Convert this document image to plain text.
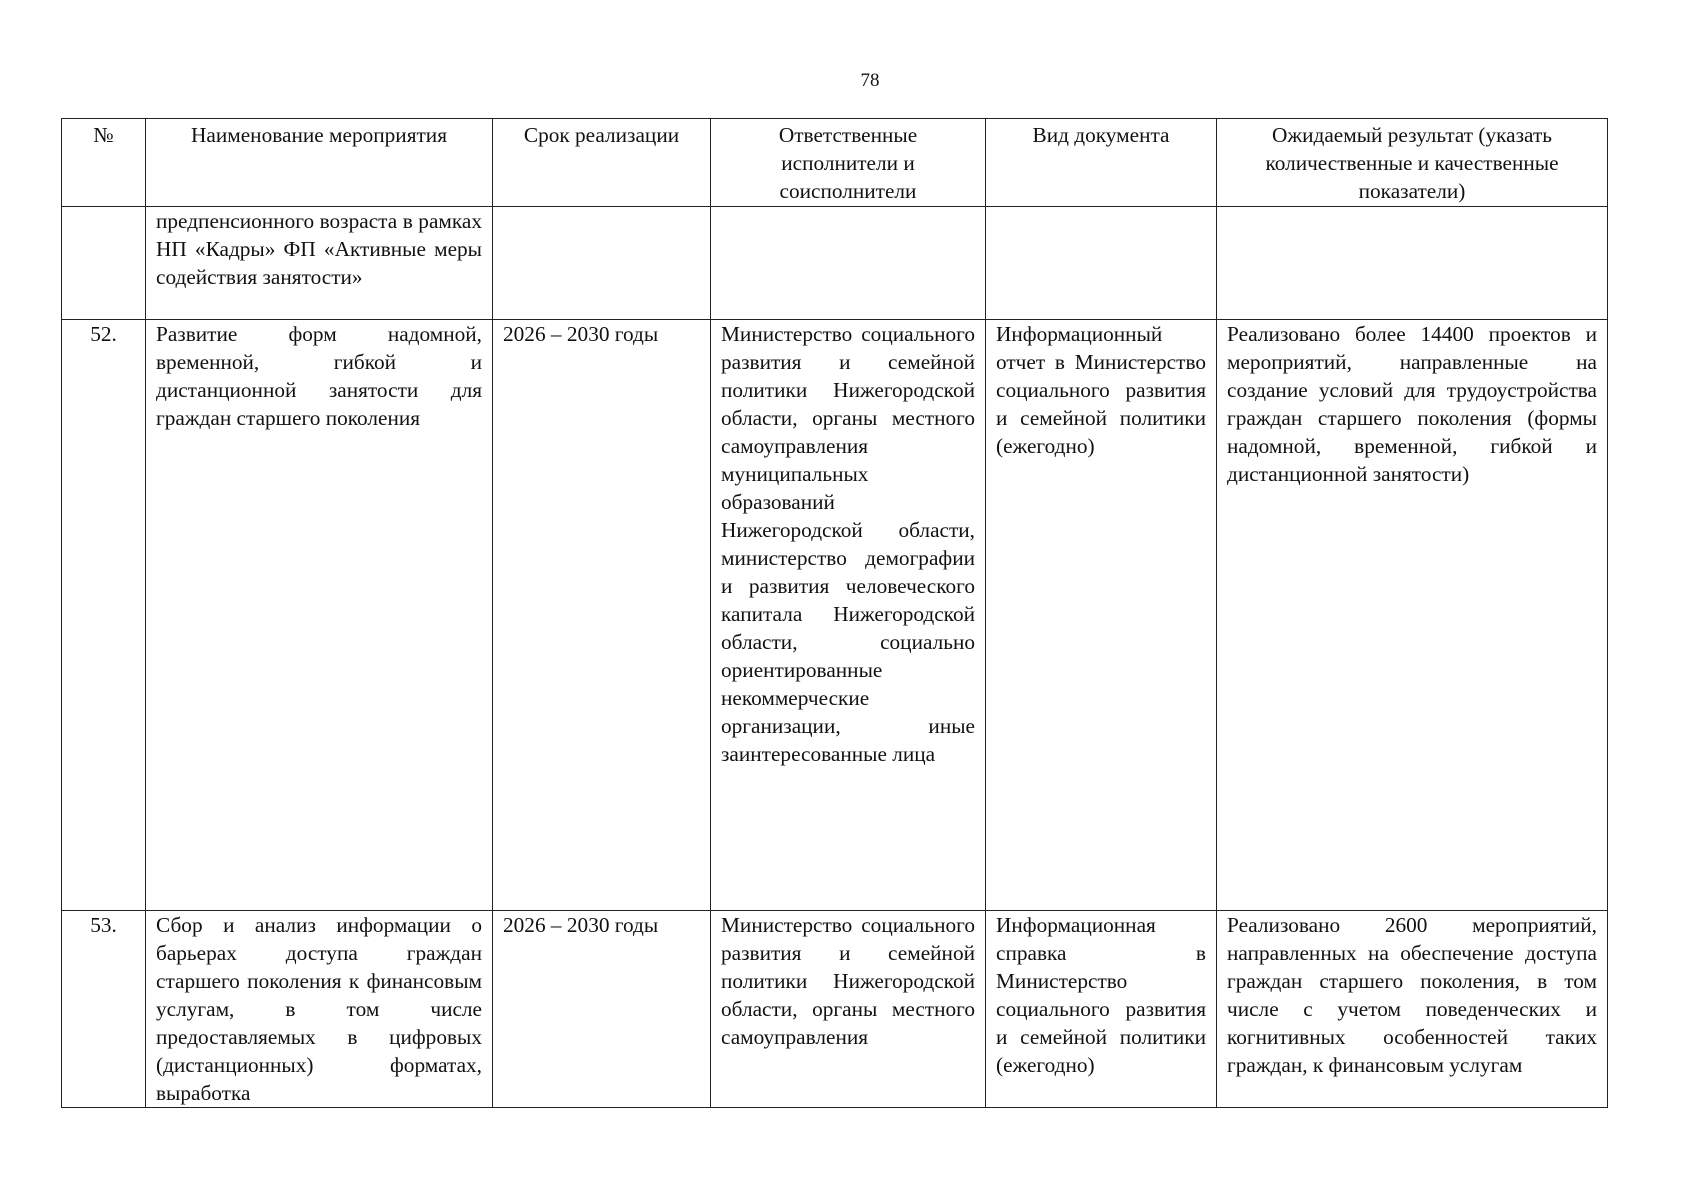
78
№	Наименование мероприятия	Срок реализации	Ответственные исполнители и соисполнители	Вид документа	Ожидаемый результат (указать количественные и качественные показатели)
	предпенсионного возраста в рамках НП «Кадры» ФП «Активные меры содействия занятости»				
52.	Развитие форм надомной, временной, гибкой и дистанционной занятости для граждан старшего поколения	2026 – 2030 годы	Министерство социального развития и семейной политики Нижегородской области, органы местного самоуправления муниципальных образований Нижегородской области, министерство демографии и развития человеческого капитала Нижегородской области, социально ориентированные некоммерческие организации, иные заинтересованные лица	Информационный отчет в Министерство социального развития и семейной политики (ежегодно)	Реализовано более 14400 проектов и мероприятий, направленные на создание условий для трудоустройства граждан старшего поколения (формы надомной, временной, гибкой и дистанционной занятости)
53.	Сбор и анализ информации о барьерах доступа граждан старшего поколения к финансовым услугам, в том числе предоставляемых в цифровых (дистанционных) форматах, выработка	2026 – 2030 годы	Министерство социального развития и семейной политики Нижегородской области, органы местного самоуправления	Информационная справка в Министерство социального развития и семейной политики (ежегодно)	Реализовано 2600 мероприятий, направленных на обеспечение доступа граждан старшего поколения, в том числе с учетом поведенческих и когнитивных особенностей таких граждан, к финансовым услугам
